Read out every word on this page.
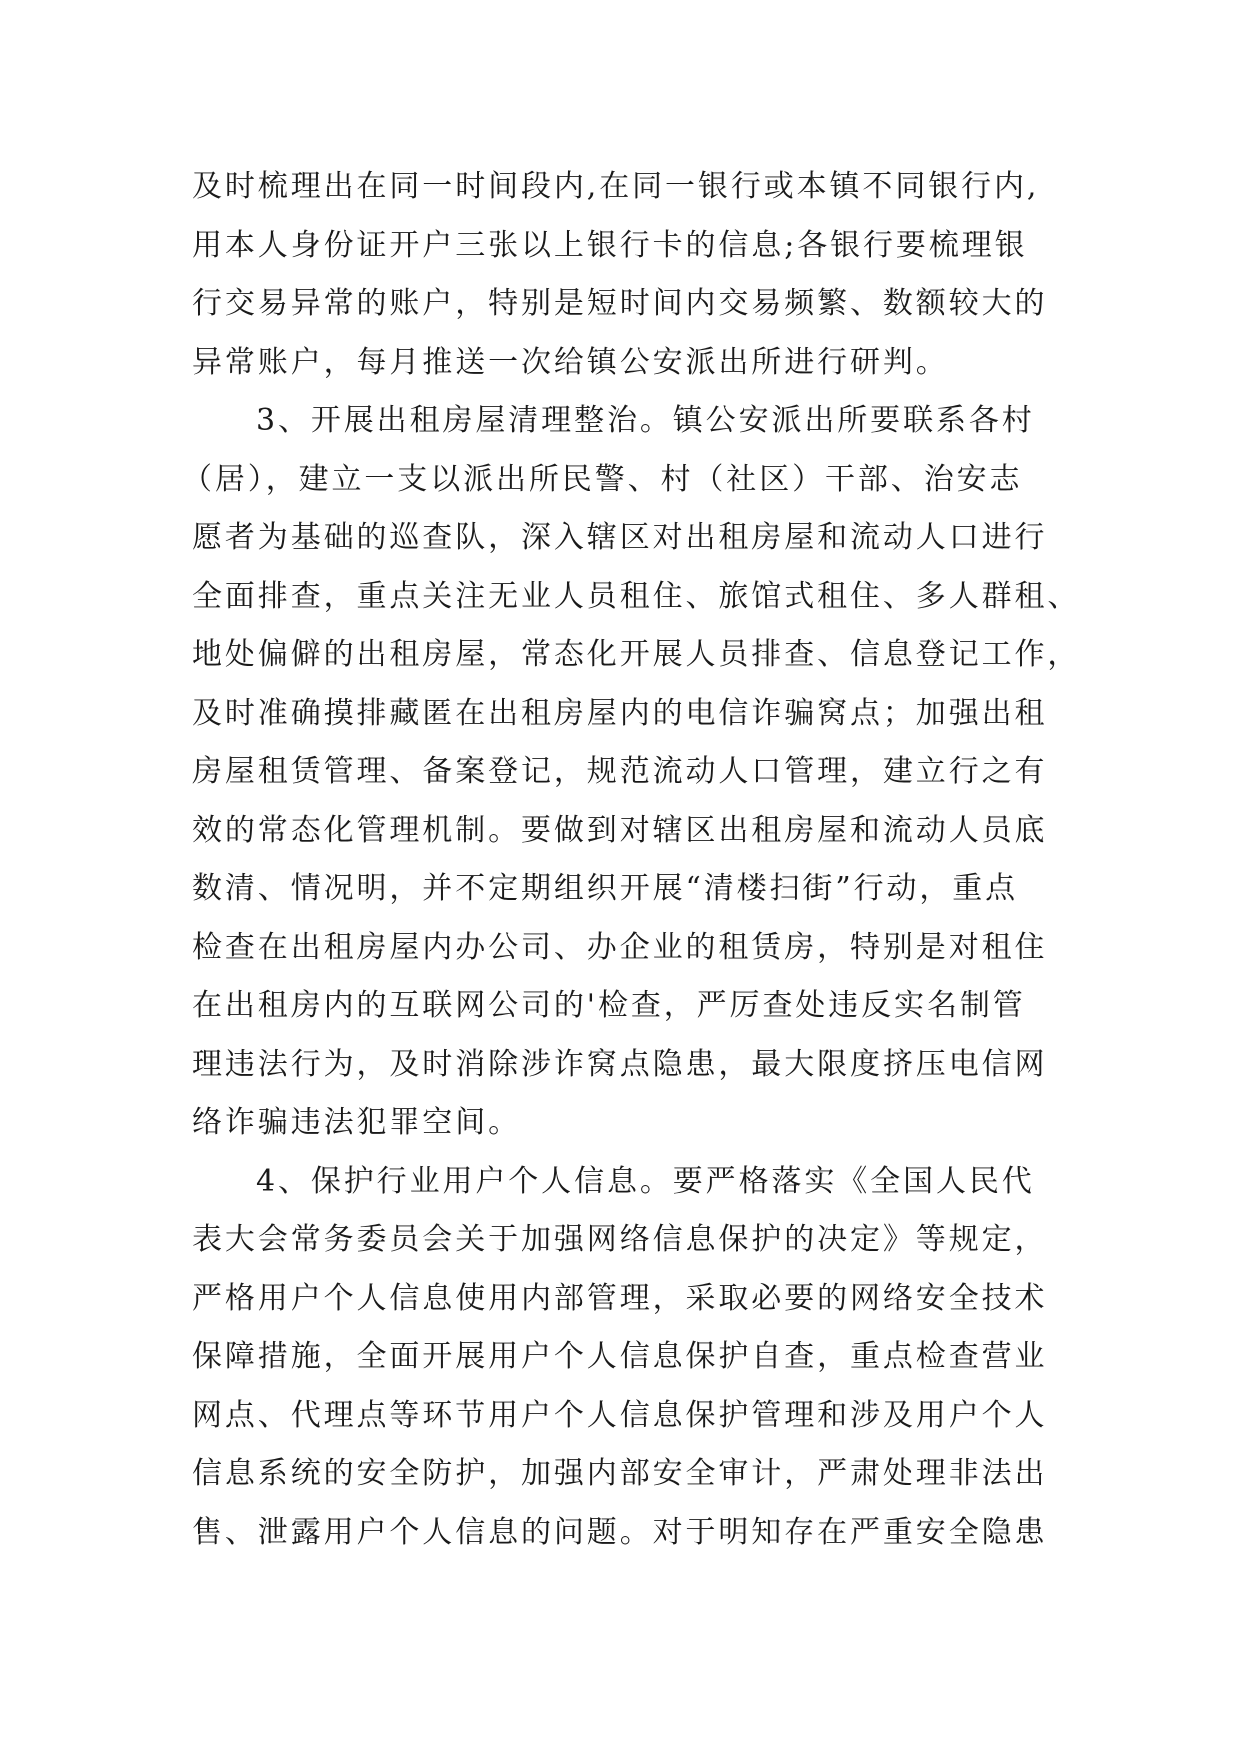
及时梳理出在同一时间段内,在同一银行或本镇不同银行内,
用本人身份证开户三张以上银行卡的信息;各银行要梳理银
行交易异常的账户，特别是短时间内交易频繁、数额较大的
异常账户，每月推送一次给镇公安派出所进行研判。
3、开展出租房屋清理整治。镇公安派出所要联系各村
（居），建立一支以派出所民警、村（社区）干部、治安志
愿者为基础的巡查队，深入辖区对出租房屋和流动人口进行
全面排查，重点关注无业人员租住、旅馆式租住、多人群租、
地处偏僻的出租房屋，常态化开展人员排查、信息登记工作，
及时准确摸排藏匿在出租房屋内的电信诈骗窝点；加强出租
房屋租赁管理、备案登记，规范流动人口管理，建立行之有
效的常态化管理机制。要做到对辖区出租房屋和流动人员底
数清、情况明，并不定期组织开展“清楼扫街”行动，重点
检查在出租房屋内办公司、办企业的租赁房，特别是对租住
在出租房内的互联网公司的'检查，严厉查处违反实名制管
理违法行为，及时消除涉诈窝点隐患，最大限度挤压电信网
络诈骗违法犯罪空间。
4、保护行业用户个人信息。要严格落实《全国人民代
表大会常务委员会关于加强网络信息保护的决定》等规定，
严格用户个人信息使用内部管理，采取必要的网络安全技术
保障措施，全面开展用户个人信息保护自查，重点检查营业
网点、代理点等环节用户个人信息保护管理和涉及用户个人
信息系统的安全防护，加强内部安全审计，严肃处理非法出
售、泄露用户个人信息的问题。对于明知存在严重安全隐患
